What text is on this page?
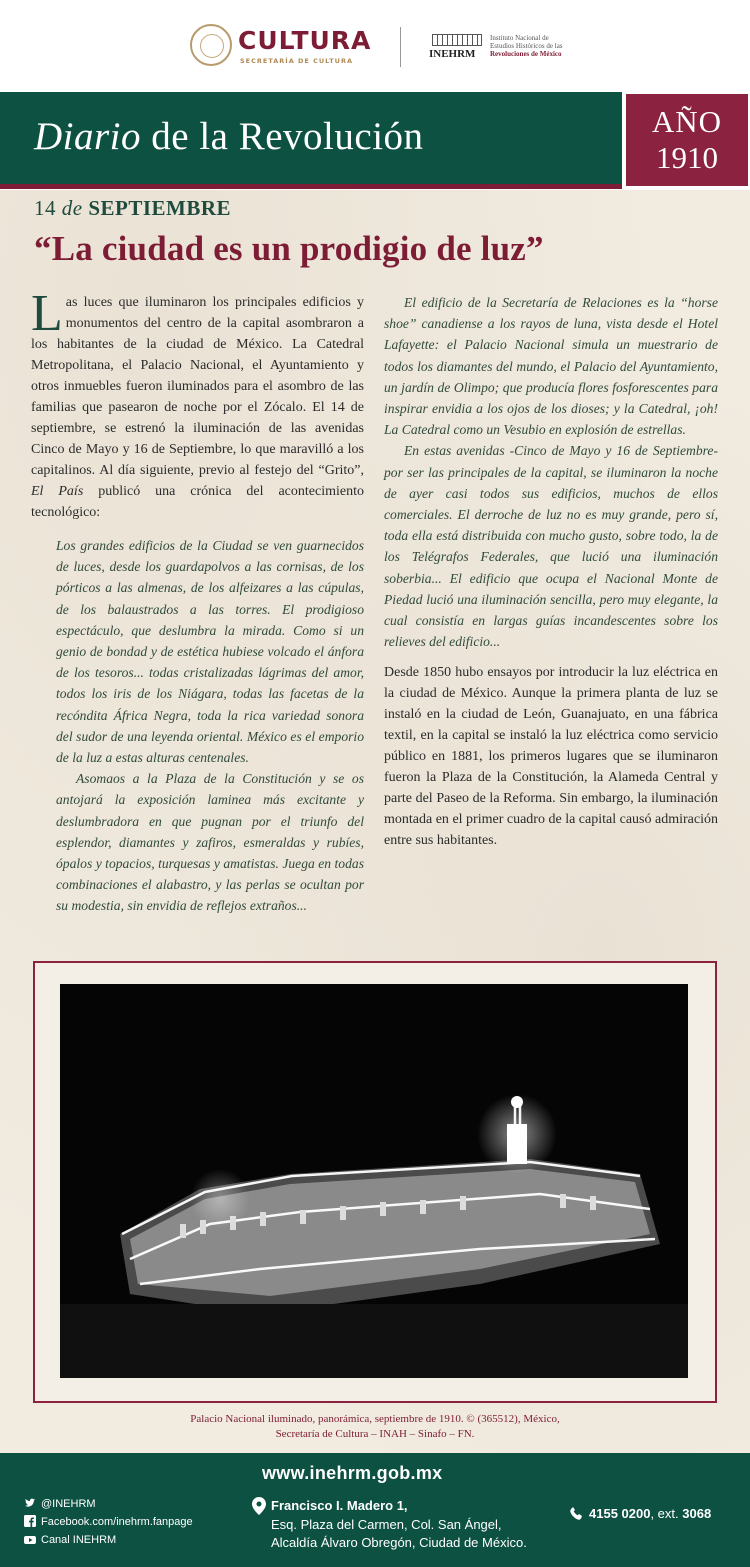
CULTURA
SECRETARÍA DE CULTURA
INEHRM
Instituto Nacional de
Estudios Históricos de las
Revoluciones de México
Diario de la Revolución	AÑO
1910
14 de SEPTIEMBRE
“La ciudad es un prodigio de luz”

Las luces que iluminaron los principales edificios y monumentos del centro de la capital asombraron a los habitantes de la ciudad de México. La Catedral Metropolitana, el Palacio Nacional, el Ayuntamiento y otros inmuebles fueron iluminados para el asombro de las familias que pasearon de noche por el Zócalo. El 14 de septiembre, se estrenó la iluminación de las avenidas Cinco de Mayo y 16 de Septiembre, lo que maravilló a los capitalinos. Al día siguiente, previo al festejo del “Grito”, El País publicó una crónica del acontecimiento tecnológico:

Los grandes edificios de la Ciudad se ven guarnecidos de luces, desde los guardapolvos a las cornisas, de los pórticos a las almenas, de los alfeizares a las cúpulas, de los balaustrados a las torres. El prodigioso espectáculo, que deslumbra la mirada. Como si un genio de bondad y de estética hubiese volcado el ánfora de los tesoros... todas cristalizadas lágrimas del amor, todos los iris de los Niágara, todas las facetas de la recóndita África Negra, toda la rica variedad sonora del sudor de una leyenda oriental. México es el emporio de la luz a estas alturas centenales.

Asomaos a la Plaza de la Constitución y se os antojará la exposición laminea más excitante y deslumbradora en que pugnan por el triunfo del esplendor, diamantes y zafiros, esmeraldas y rubíes, ópalos y topacios, turquesas y amatistas. Juega en todas combinaciones el alabastro, y las perlas se ocultan por su modestia, sin envidia de reflejos extraños...

El edificio de la Secretaría de Relaciones es la “horse shoe” canadiense a los rayos de luna, vista desde el Hotel Lafayette: el Palacio Nacional simula un muestrario de todos los diamantes del mundo, el Palacio del Ayuntamiento, un jardín de Olimpo; que producía flores fosforescentes para inspirar envidia a los ojos de los dioses; y la Catedral, ¡oh! La Catedral como un Vesubio en explosión de estrellas.

En estas avenidas -Cinco de Mayo y 16 de Septiembre- por ser las principales de la capital, se iluminaron la noche de ayer casi todos sus edificios, muchos de ellos comerciales. El derroche de luz no es muy grande, pero sí, toda ella está distribuida con mucho gusto, sobre todo, la de los Telégrafos Federales, que lució una iluminación soberbia... El edificio que ocupa el Nacional Monte de Piedad lució una iluminación sencilla, pero muy elegante, la cual consistía en largas guías incandescentes sobre los relieves del edificio...

Desde 1850 hubo ensayos por introducir la luz eléctrica en la ciudad de México. Aunque la primera planta de luz se instaló en la ciudad de León, Guanajuato, en una fábrica textil, en la capital se instaló la luz eléctrica como servicio público en 1881, los primeros lugares que se iluminaron fueron la Plaza de la Constitución, la Alameda Central y parte del Paseo de la Reforma. Sin embargo, la iluminación montada en el primer cuadro de la capital causó admiración entre sus habitantes.

Palacio Nacional iluminado, panorámica, septiembre de 1910. © (365512), México,
Secretaría de Cultura – INAH – Sinafo – FN.
www.inehrm.gob.mx
@INEHRM
Facebook.com/inehrm.fanpage
Canal INEHRM
Francisco I. Madero 1,
Esq. Plaza del Carmen, Col. San Ángel,
Alcaldía Álvaro Obregón, Ciudad de México.
4155 0200, ext. 3068
